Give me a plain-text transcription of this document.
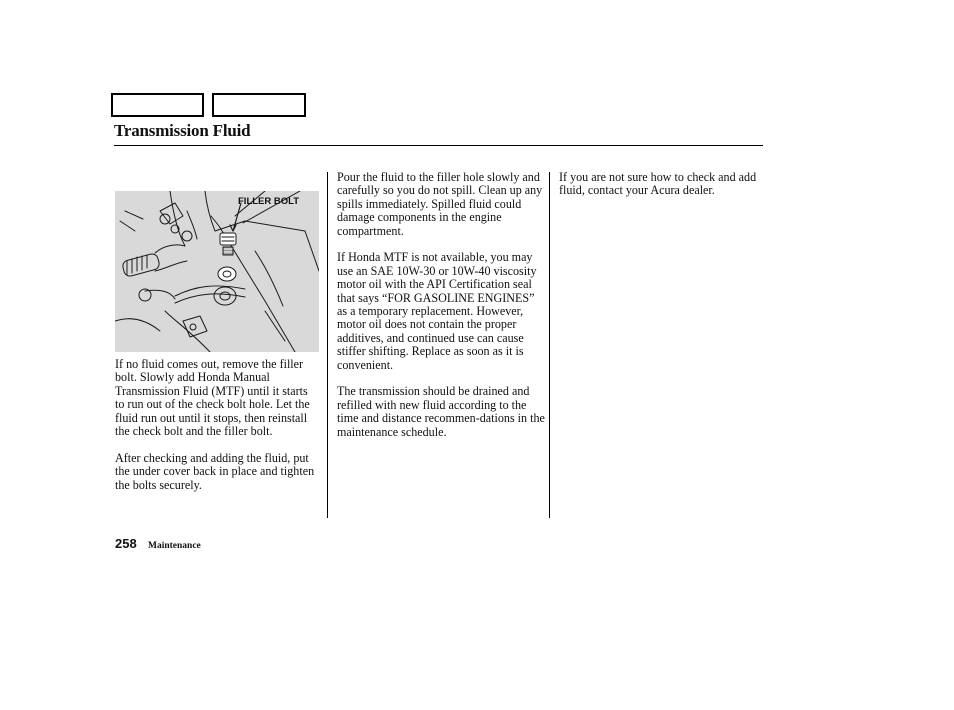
Transmission Fluid
FILLER BOLT

If no fluid comes out, remove the filler bolt. Slowly add Honda Manual Transmission Fluid (MTF) until it starts to run out of the check bolt hole. Let the fluid run out until it stops, then reinstall the check bolt and the filler bolt.

After checking and adding the fluid, put the under cover back in place and tighten the bolts securely.

Pour the fluid to the filler hole slowly and carefully so you do not spill. Clean up any spills immediately. Spilled fluid could damage components in the engine compartment.

If Honda MTF is not available, you may use an SAE 10W-30 or 10W-40 viscosity motor oil with the API Certification seal that says “FOR GASOLINE ENGINES” as a temporary replacement. However, motor oil does not contain the proper additives, and continued use can cause stiffer shifting. Replace as soon as it is convenient.

The transmission should be drained and refilled with new fluid according to the time and distance recommen-dations in the maintenance schedule.

If you are not sure how to check and add fluid, contact your Acura dealer.

258 Maintenance
